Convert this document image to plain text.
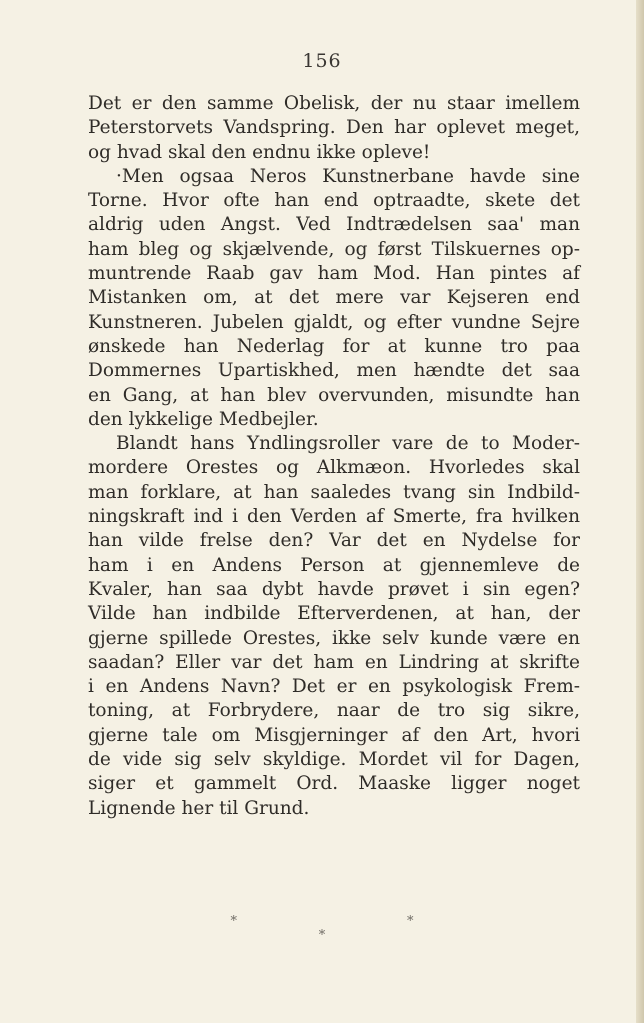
156
Det er den samme Obelisk, der nu staar imellem
Peterstorvets Vandspring. Den har oplevet meget,
og hvad skal den endnu ikke opleve!
·Men ogsaa Neros Kunstnerbane havde sine
Torne. Hvor ofte han end optraadte, skete det
aldrig uden Angst. Ved Indtrædelsen saa' man
ham bleg og skjælvende, og først Tilskuernes op-
muntrende Raab gav ham Mod. Han pintes af
Mistanken om, at det mere var Kejseren end
Kunstneren. Jubelen gjaldt, og efter vundne Sejre
ønskede han Nederlag for at kunne tro paa
Dommernes Upartiskhed, men hændte det saa
en Gang, at han blev overvunden, misundte han
den lykkelige Medbejler.
Blandt hans Yndlingsroller vare de to Moder-
mordere Orestes og Alkmæon. Hvorledes skal
man forklare, at han saaledes tvang sin Indbild-
ningskraft ind i den Verden af Smerte, fra hvilken
han vilde frelse den? Var det en Nydelse for
ham i en Andens Person at gjennemleve de
Kvaler, han saa dybt havde prøvet i sin egen?
Vilde han indbilde Efterverdenen, at han, der
gjerne spillede Orestes, ikke selv kunde være en
saadan? Eller var det ham en Lindring at skrifte
i en Andens Navn? Det er en psykologisk Frem-
toning, at Forbrydere, naar de tro sig sikre,
gjerne tale om Misgjerninger af den Art, hvori
de vide sig selv skyldige. Mordet vil for Dagen,
siger et gammelt Ord. Maaske ligger noget
Lignende her til Grund.
*	*
*
